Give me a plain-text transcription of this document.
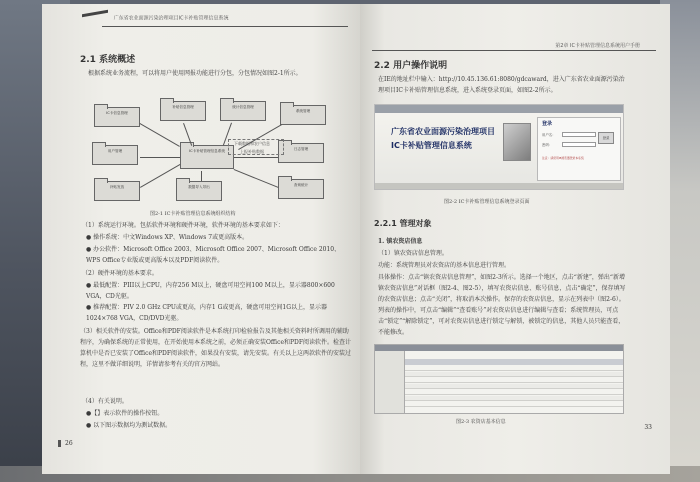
广东省农业面源污染治理项目IC卡补贴管理信息系统
2.1 系统概述
根据系统业务流程，可以将用户使用网报功能进行分包，分包情况如图2-1所示。
IC卡信息管理
补贴信息管理	统计信息管理
系统管理
IC卡补贴管理信息系统
用户管理	日志管理
补贴发放	数据导入导出	查询统计
下载数据和农户信息
上报补贴数据
图2-1 IC卡补贴管理信息系统组织结构
（1）系统运行环境。包括软件环境和硬件环境，软件环境的基本要求如下：
● 操作系统：中文Windows XP、Windows 7或更高版本。
● 办公软件：Microsoft Office 2003、Microsoft Office 2007、Microsoft Office 2010、WPS Office专业版或更高版本以及PDF阅读软件。
（2）硬件环境的基本要求。
● 最低配置：PIII以上CPU，内存256 M以上，硬盘可用空间100 M以上，显示器800×600 VGA，CD光驱。
● 推荐配置：PIV 2.0 GHz CPU或更高，内存1 G或更高，硬盘可用空间1G以上，显示器1024×768 VGA，CD/DVD光驱。
（3）相关软件的安装。Office和PDF阅读软件是本系统打印检验报告及其他相关资料时所调用的辅助程序，为确保系统的正常使用，在开始使用本系统之前，必须正确安装Office和PDF阅读软件。检查计算机中是否已安装了Office和PDF阅读软件，如果没有安装，请先安装。有关以上这两款软件的安装过程，这里不做详细说明，详情请参考有关的官方网站。
（4）有关说明。
●【】表示软件的操作按钮。
● 以下图示数据均为测试数据。
26
第2章 IC卡补贴管理信息系统用户手册
2.2 用户操作说明
在IE的地址栏中输入：http://10.45.136.61:8080/gdcaward，进入广东省农业面源污染治理项目IC卡补贴管理信息系统，进入系统登录页面，如图2-2所示。
广东省农业面源污染治理项目IC卡补贴管理信息系统
登录
用户名：
密码：
登录
注意：请使用IE浏览器登录本系统
图2-2 IC卡补贴管理信息系统登录页面
2.2.1 管理对象
1. 镇农资店信息
（1）镇农资店信息管理。
功能：系统管理员对农资店的基本信息进行管理。
具体操作：点击“镇农资店信息管理”，如图2-3所示。选择一个地区，点击“新建”，弹出“新增镇农资店信息”对话框（图2-4、图2-5），填写农资店信息、账号信息，点击“确定”，保存填写的农资店信息；点击“关闭”，将取消本次操作。保存的农资店信息，显示在列表中（图2-6）。列表的操作中，可点击“编辑”“查看账号”对农资店信息进行编辑与查看；系统管理员，可点击“锁定”“解除锁定”，可对农资店信息进行锁定与解锁，被锁定的信息，其他人员只能查看，不能修改。
图2-3 农资店基本信息
33
